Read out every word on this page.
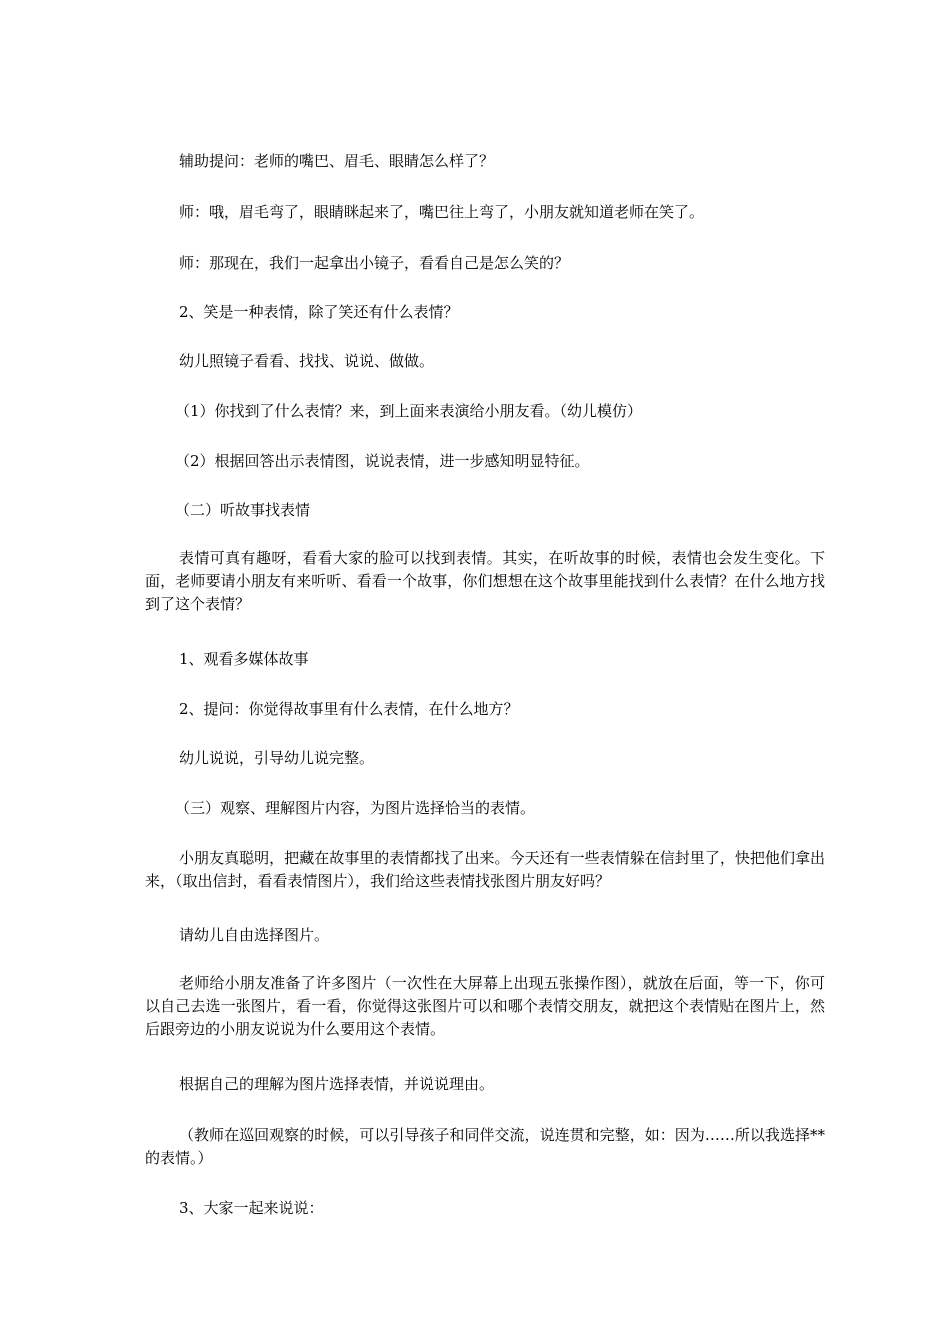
辅助提问：老师的嘴巴、眉毛、眼睛怎么样了？

师：哦，眉毛弯了，眼睛眯起来了，嘴巴往上弯了，小朋友就知道老师在笑了。

师：那现在，我们一起拿出小镜子，看看自己是怎么笑的？

2、笑是一种表情，除了笑还有什么表情？

幼儿照镜子看看、找找、说说、做做。

（1）你找到了什么表情？来，到上面来表演给小朋友看。（幼儿模仿）

（2）根据回答出示表情图，说说表情，进一步感知明显特征。

（二）听故事找表情

表情可真有趣呀，看看大家的脸可以找到表情。其实，在听故事的时候，表情也会发生变化。下面，老师要请小朋友有来听听、看看一个故事，你们想想在这个故事里能找到什么表情？在什么地方找到了这个表情？

1、观看多媒体故事

2、提问：你觉得故事里有什么表情，在什么地方？

幼儿说说，引导幼儿说完整。

（三）观察、理解图片内容，为图片选择恰当的表情。

小朋友真聪明，把藏在故事里的表情都找了出来。今天还有一些表情躲在信封里了，快把他们拿出来，（取出信封，看看表情图片），我们给这些表情找张图片朋友好吗？

请幼儿自由选择图片。

老师给小朋友准备了许多图片（一次性在大屏幕上出现五张操作图），就放在后面，等一下，你可以自己去选一张图片，看一看，你觉得这张图片可以和哪个表情交朋友，就把这个表情贴在图片上，然后跟旁边的小朋友说说为什么要用这个表情。

根据自己的理解为图片选择表情，并说说理由。

（教师在巡回观察的时候，可以引导孩子和同伴交流，说连贯和完整，如：因为……所以我选择**的表情。）

3、大家一起来说说：
